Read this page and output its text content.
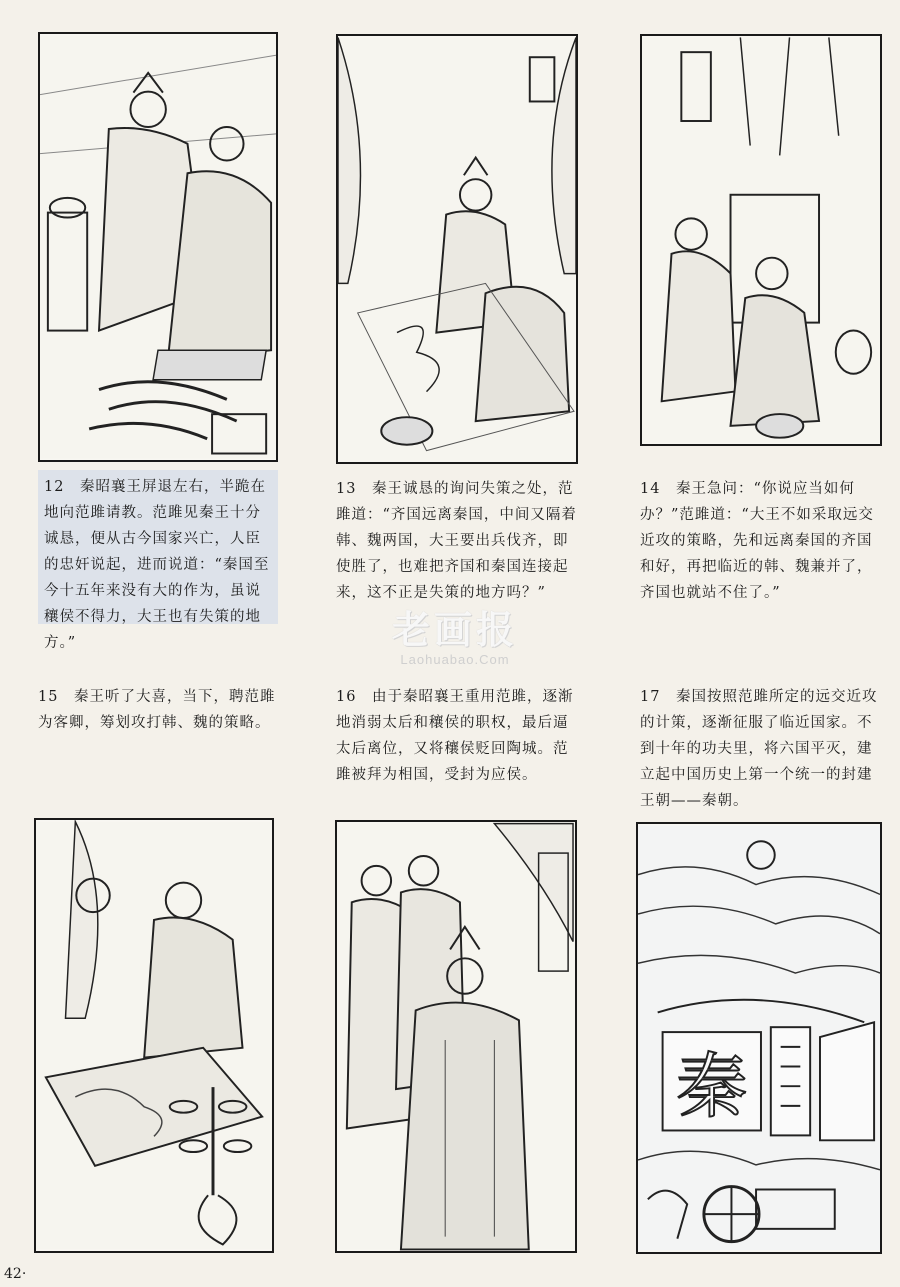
12　秦昭襄王屏退左右，半跪在地向范雎请教。范雎见秦王十分诚恳，便从古今国家兴亡，人臣的忠奸说起，进而说道：“秦国至今十五年来没有大的作为，虽说穰侯不得力，大王也有失策的地方。”
13　秦王诚恳的询问失策之处，范雎道：“齐国远离秦国，中间又隔着韩、魏两国，大王要出兵伐齐，即使胜了，也难把齐国和秦国连接起来，这不正是失策的地方吗？”
14　秦王急问：“你说应当如何办？”范雎道：“大王不如采取远交近攻的策略，先和远离秦国的齐国和好，再把临近的韩、魏兼并了，齐国也就站不住了。”
老画报
Laohuabao.Com
15　秦王听了大喜，当下，聘范雎为客卿，筹划攻打韩、魏的策略。
16　由于秦昭襄王重用范雎，逐渐地消弱太后和穰侯的职权，最后逼太后离位，又将穰侯贬回陶城。范雎被拜为相国，受封为应侯。
17　秦国按照范雎所定的远交近攻的计策，逐渐征服了临近国家。不到十年的功夫里，将六国平灭，建立起中国历史上第一个统一的封建王朝——秦朝。
秦
42·
